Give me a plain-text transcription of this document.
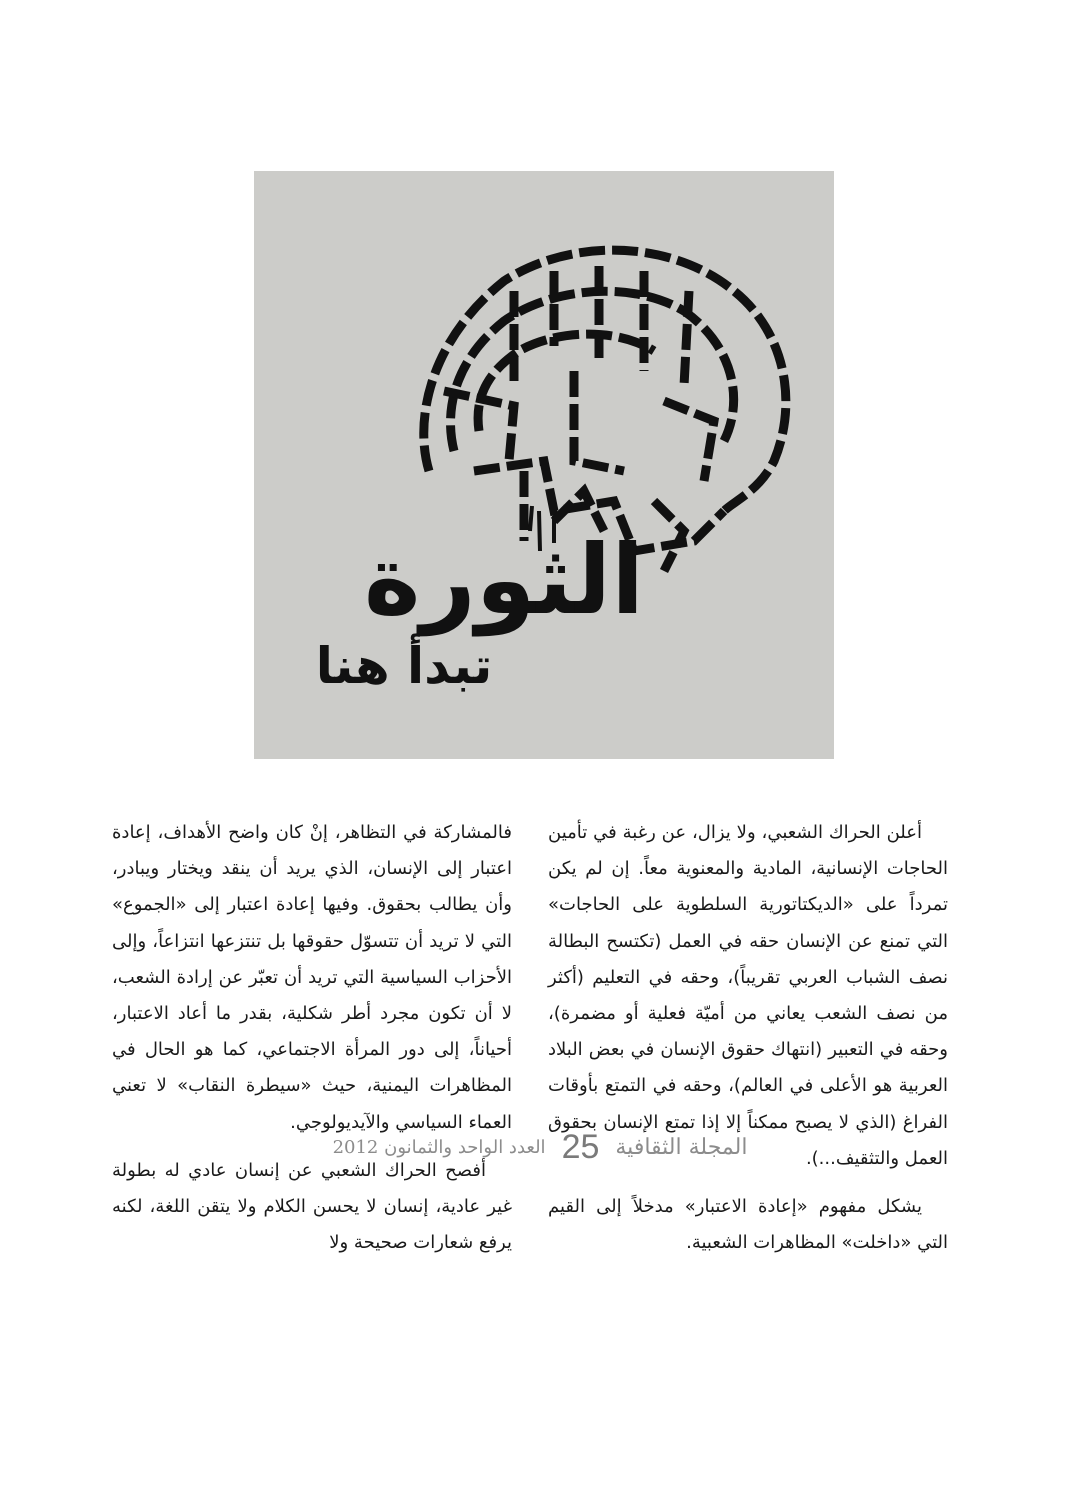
الثورة
تبدأ هنا

أعلن الحراك الشعبي، ولا يزال، عن رغبة في تأمين الحاجات الإنسانية، المادية والمعنوية معاً. إن لم يكن تمرداً على «الديكتاتورية السلطوية على الحاجات» التي تمنع عن الإنسان حقه في العمل (تكتسح البطالة نصف الشباب العربي تقريباً)، وحقه في التعليم (أكثر من نصف الشعب يعاني من أميّة فعلية أو مضمرة)، وحقه في التعبير (انتهاك حقوق الإنسان في بعض البلاد العربية هو الأعلى في العالم)، وحقه في التمتع بأوقات الفراغ (الذي لا يصبح ممكناً إلا إذا تمتع الإنسان بحقوق العمل والتثقيف...).

يشكل مفهوم «إعادة الاعتبار» مدخلاً إلى القيم التي «داخلت» المظاهرات الشعبية.

فالمشاركة في التظاهر، إنْ كان واضح الأهداف، إعادة اعتبار إلى الإنسان، الذي يريد أن ينقد ويختار ويبادر، وأن يطالب بحقوق. وفيها إعادة اعتبار إلى «الجموع» التي لا تريد أن تتسوّل حقوقها بل تنتزعها انتزاعاً، وإلى الأحزاب السياسية التي تريد أن تعبّر عن إرادة الشعب، لا أن تكون مجرد أطر شكلية، بقدر ما أعاد الاعتبار، أحياناً، إلى دور المرأة الاجتماعي، كما هو الحال في المظاهرات اليمنية، حيث «سيطرة النقاب» لا تعني العماء السياسي والآيديولوجي.

أفصح الحراك الشعبي عن إنسان عادي له بطولة غير عادية، إنسان لا يحسن الكلام ولا يتقن اللغة، لكنه يرفع شعارات صحيحة ولا

المجلة الثقافية
25
العدد الواحد والثمانون 2012
